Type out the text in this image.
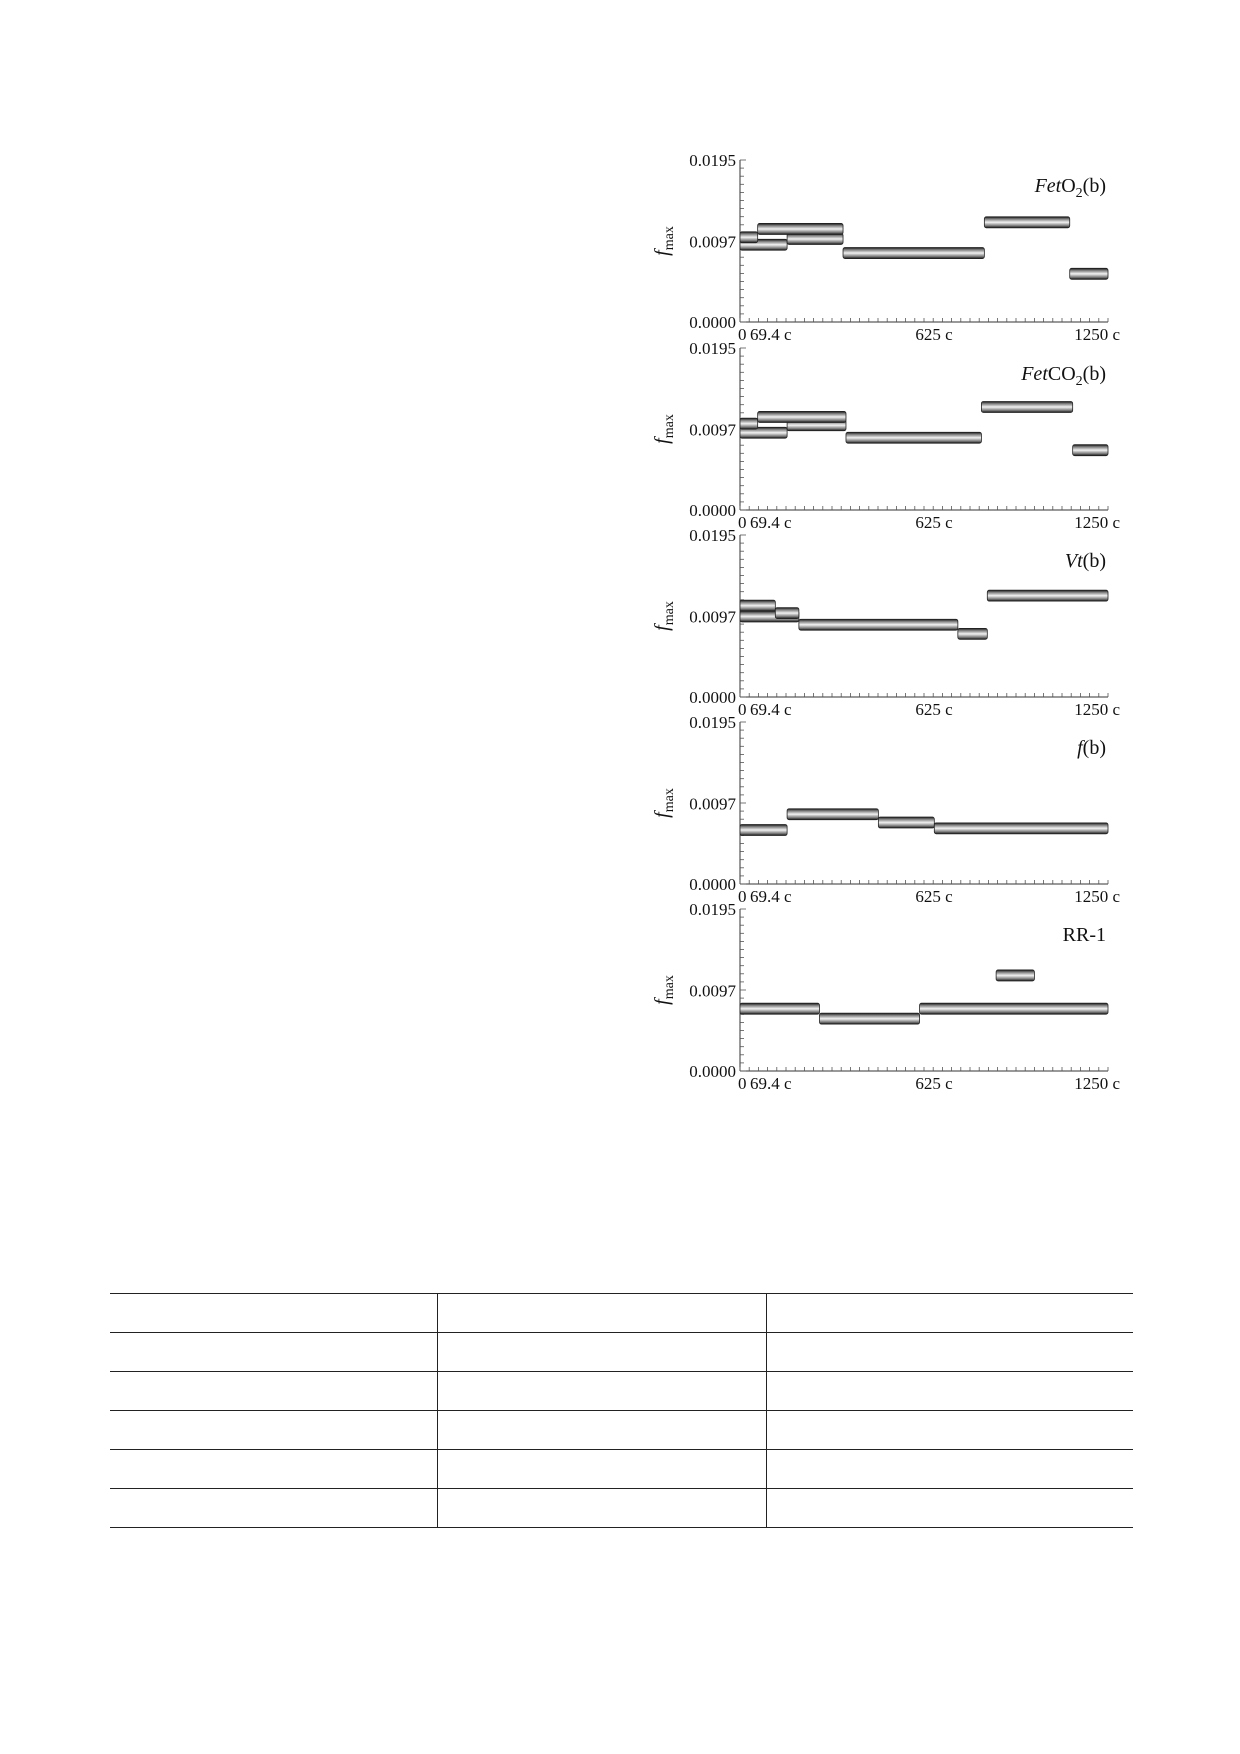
0.0000
0.0097
0.0195
0 69.4 c	625 c	1250 c
$f_{max}$
FetO$_2$(b)
0.0000
0.0097
0.0195
0 69.4 c	625 c	1250 c
$f_{max}$
FetCO$_2$(b)
0.0000
0.0097
0.0195
0 69.4 c	625 c	1250 c
$f_{max}$
Vt(b)
0.0000
0.0097
0.0195
0 69.4 c	625 c	1250 c
$f_{max}$
f(b)
0.0000
0.0097
0.0195
0 69.4 c	625 c	1250 c
$f_{max}$
RR-1
